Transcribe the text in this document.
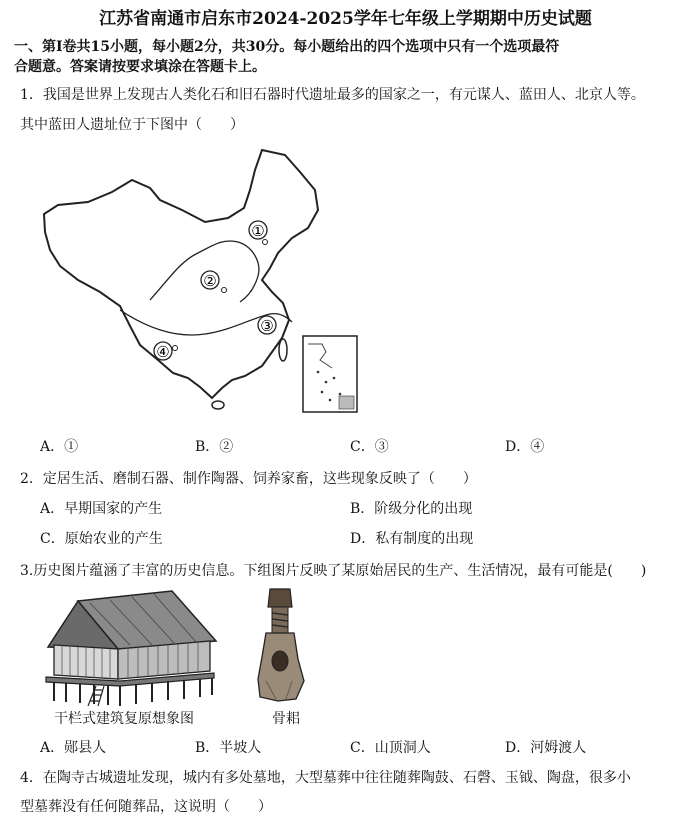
江苏省南通市启东市2024-2025学年七年级上学期期中历史试题
一、第Ⅰ卷共15小题，每小题2分，共30分。每小题给出的四个选项中只有一个选项最符
合题意。答案请按要求填涂在答题卡上。
1．我国是世界上发现古人类化石和旧石器时代遗址最多的国家之一，有元谋人、蓝田人、北京人等。
其中蓝田人遗址位于下图中（　　）
①
②
③
④
A．①	B．②	C．③	D．④
2．定居生活、磨制石器、制作陶器、饲养家畜，这些现象反映了（　　）
A．早期国家的产生	B．阶级分化的出现
C．原始农业的产生	D．私有制度的出现
3.历史图片蕴涵了丰富的历史信息。下组图片反映了某原始居民的生产、生活情况，最有可能是(　　)
干栏式建筑复原想象图	骨耜
A．郧县人	B．半坡人	C．山顶洞人	D．河姆渡人
4．在陶寺古城遗址发现，城内有多处墓地，大型墓葬中往往随葬陶鼓、石磬、玉钺、陶盘，很多小
型墓葬没有任何随葬品，这说明（　　）
